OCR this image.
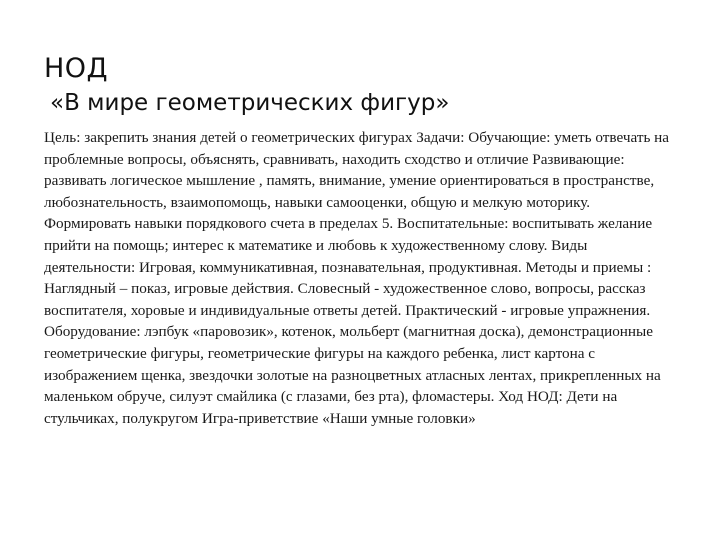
НОД
«В мире геометрических фигур»
Цель: закрепить знания детей о геометрических фигурах Задачи: Обучающие: уметь отвечать на проблемные вопросы, объяснять, сравнивать, находить сходство и отличие Развивающие: развивать логическое мышление , память, внимание, умение ориентироваться в пространстве, любознательность, взаимопомощь, навыки самооценки, общую и мелкую моторику. Формировать навыки порядкового счета в пределах 5. Воспитательные: воспитывать желание прийти на помощь; интерес к математике и любовь к художественному слову. Виды деятельности: Игровая, коммуникативная, познавательная, продуктивная. Методы и приемы : Наглядный – показ, игровые действия. Словесный - художественное слово, вопросы, рассказ воспитателя, хоровые и индивидуальные ответы детей. Практический - игровые упражнения. Оборудование: лэпбук «паровозик», котенок, мольберт (магнитная доска), демонстрационные геометрические фигуры, геометрические фигуры на каждого ребенка, лист картона с изображением щенка, звездочки золотые на разноцветных атласных лентах, прикрепленных на маленьком обруче, силуэт смайлика (с глазами, без рта), фломастеры. Ход НОД: Дети на стульчиках, полукругом Игра-приветствие «Наши умные головки»
